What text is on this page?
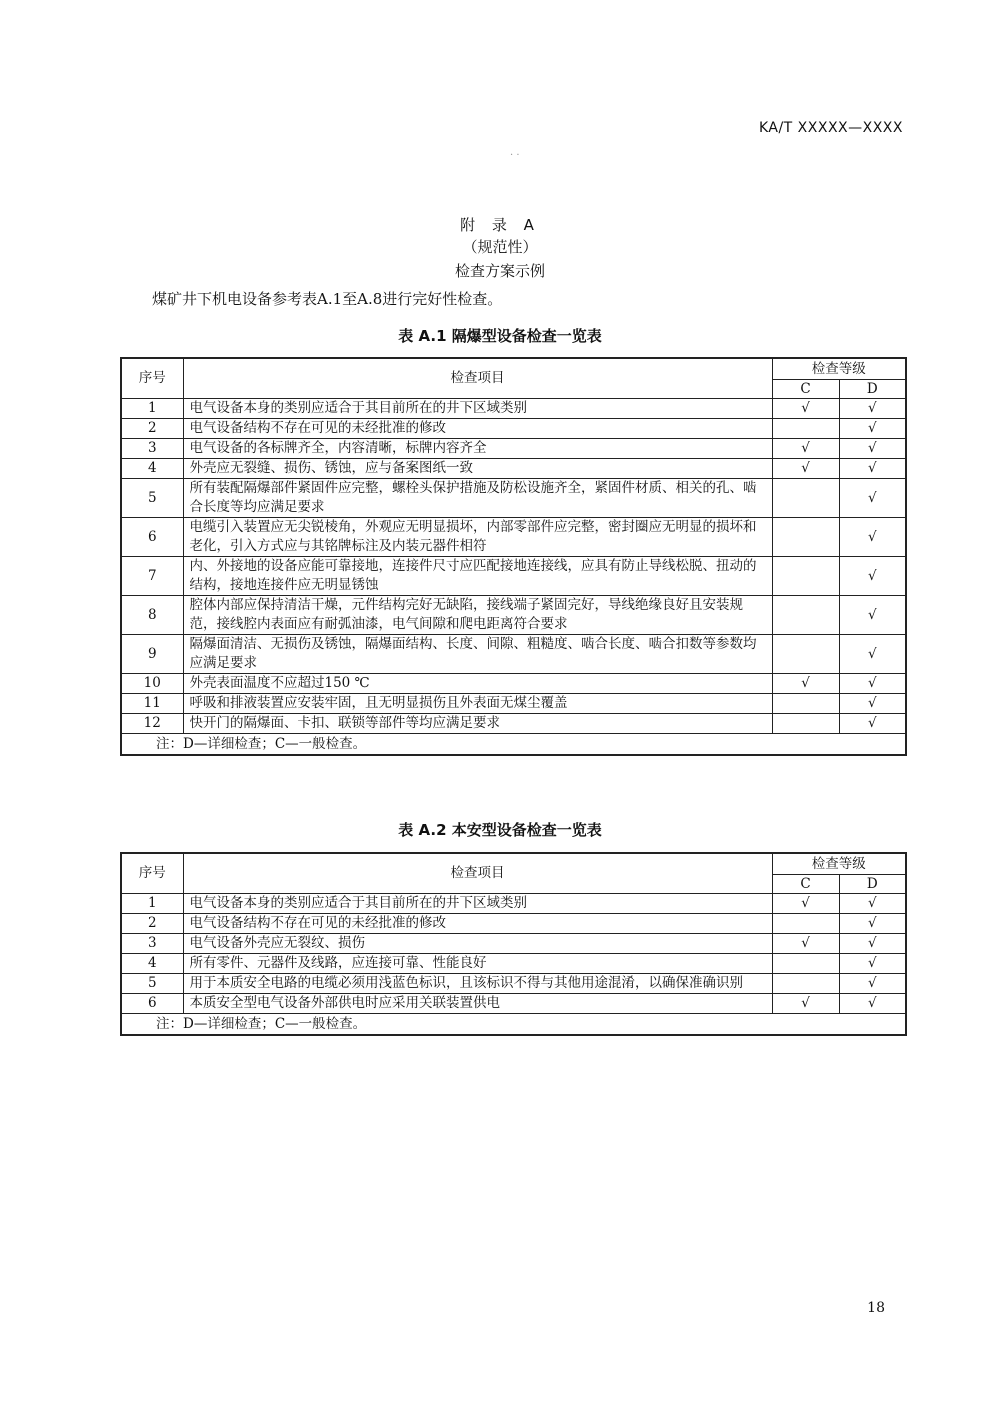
KA/T XXXXX—XXXX
· ·
附 录 A
（规范性）
检查方案示例
煤矿井下机电设备参考表A.1至A.8进行完好性检查。
表 A.1 隔爆型设备检查一览表
序号	检查项目	检查等级	
		C	D
1	电气设备本身的类别应适合于其目前所在的井下区域类别	√	√
2	电气设备结构不存在可见的未经批准的修改		√
3	电气设备的各标牌齐全，内容清晰，标牌内容齐全	√	√
4	外壳应无裂缝、损伤、锈蚀，应与备案图纸一致	√	√
5	所有装配隔爆部件紧固件应完整，螺栓头保护措施及防松设施齐全，紧固件材质、相关的孔、啮合长度等均应满足要求		√
6	电缆引入装置应无尖锐棱角，外观应无明显损坏，内部零部件应完整，密封圈应无明显的损坏和老化，引入方式应与其铭牌标注及内装元器件相符		√
7	内、外接地的设备应能可靠接地，连接件尺寸应匹配接地连接线，应具有防止导线松脱、扭动的结构，接地连接件应无明显锈蚀		√
8	腔体内部应保持清洁干燥，元件结构完好无缺陷，接线端子紧固完好，导线绝缘良好且安装规范，接线腔内表面应有耐弧油漆，电气间隙和爬电距离符合要求		√
9	隔爆面清洁、无损伤及锈蚀，隔爆面结构、长度、间隙、粗糙度、啮合长度、啮合扣数等参数均应满足要求		√
10	外壳表面温度不应超过150 ℃	√	√
11	呼吸和排液装置应安装牢固，且无明显损伤且外表面无煤尘覆盖		√
12	快开门的隔爆面、卡扣、联锁等部件等均应满足要求		√
注：D—详细检查；C—一般检查。			
表 A.2 本安型设备检查一览表
序号	检查项目	检查等级	
		C	D
1	电气设备本身的类别应适合于其目前所在的井下区域类别	√	√
2	电气设备结构不存在可见的未经批准的修改		√
3	电气设备外壳应无裂纹、损伤	√	√
4	所有零件、元器件及线路，应连接可靠、性能良好		√
5	用于本质安全电路的电缆必须用浅蓝色标识，且该标识不得与其他用途混淆，以确保准确识别		√
6	本质安全型电气设备外部供电时应采用关联装置供电	√	√
注：D—详细检查；C—一般检查。			
18
